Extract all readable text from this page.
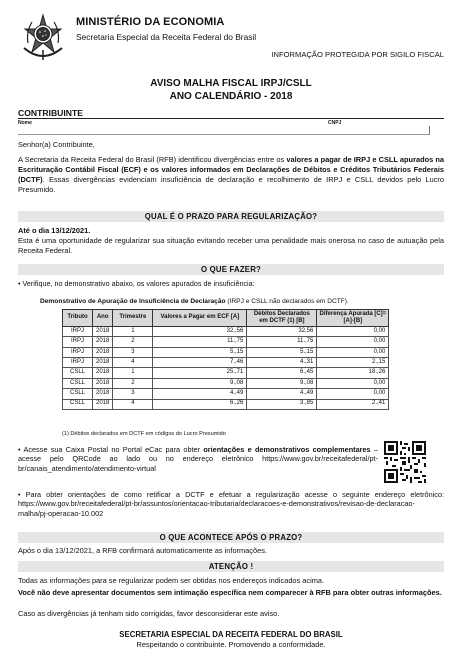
MINISTÉRIO DA ECONOMIA
Secretaria Especial da Receita Federal do Brasil
INFORMAÇÃO PROTEGIDA POR SIGILO FISCAL
AVISO MALHA FISCAL IRPJ/CSLL
ANO CALENDÁRIO - 2018
CONTRIBUINTE
Nome	CNPJ
Senhor(a) Contribuinte,

A Secretaria da Receita Federal do Brasil (RFB) identificou divergências entre os valores a pagar de IRPJ e CSLL apurados na Escrituração Contábil Fiscal (ECF) e os valores informados em Declarações de Débitos e Créditos Tributários Federais (DCTF). Essas divergências evidenciam insuficiência de declaração e recolhimento de IRPJ e CSLL devidos pelo Lucro Presumido.

QUAL É O PRAZO PARA REGULARIZAÇÃO?
Até o dia 13/12/2021.

Esta é uma oportunidade de regularizar sua situação evitando receber uma penalidade mais onerosa no caso de autuação pela Receita Federal.

O QUE FAZER?
• Verifique, no demonstrativo abaixo, os valores apurados de insuficiência:
Demonstrativo de Apuração de Insuficiência de Declaração (IRPJ e CSLL não declarados em DCTF).
Tributo	Ano	Trimestre	Valores a Pagar em ECF [A]	Débitos Declarados em DCTF (1) [B]	Diferença Apurada [C]=[A]-[B]
IRPJ	2018	1	32.,56	32,56	0,00
IRPJ	2018	2	11.,75	11.,75	0,00
IRPJ	2018	3	5.,15	5.,15	0,00
IRPJ	2018	4	7.,46	4.,31	2.,15
CSLL	2018	1	25.,71	6.,45	18.,26
CSLL	2018	2	9.,08	9.,08	0,00
CSLL	2018	3	4.,49	4.,49	0,00
CSLL	2018	4	6.,26	3.,85	2.,41
(1) Débitos declarados em DCTF em códigos do Lucro Presumido

• Acesse sua Caixa Postal no Portal eCac para obter orientações e demonstrativos complementares – acesse pelo QRCode ao lado ou no endereço eletrônico https://www.gov.br/receitafederal/pt-br/canais_atendimento/atendimento-virtual

• Para obter orientações de como retificar a DCTF e efetuar a regularização acesse o seguinte endereço eletrônico: https://www.gov.br/receitafederal/pt-br/assuntos/orientacao-tributaria/declaracoes-e-demonstrativos/revisao-de-declaracao-malha/pj-operacao-10.002

O QUE ACONTECE APÓS O PRAZO?
Após o dia 13/12/2021, a RFB confirmará automaticamente as informações.
ATENÇÃO !
Todas as informações para se regularizar podem ser obtidas nos endereços indicados acima.
Você não deve apresentar documentos sem intimação específica nem comparecer à RFB para obter outras informações.
Caso as divergências já tenham sido corrigidas, favor desconsiderar este aviso.
SECRETARIA ESPECIAL DA RECEITA FEDERAL DO BRASIL
Respeitando o contribuinte. Promovendo a conformidade.
